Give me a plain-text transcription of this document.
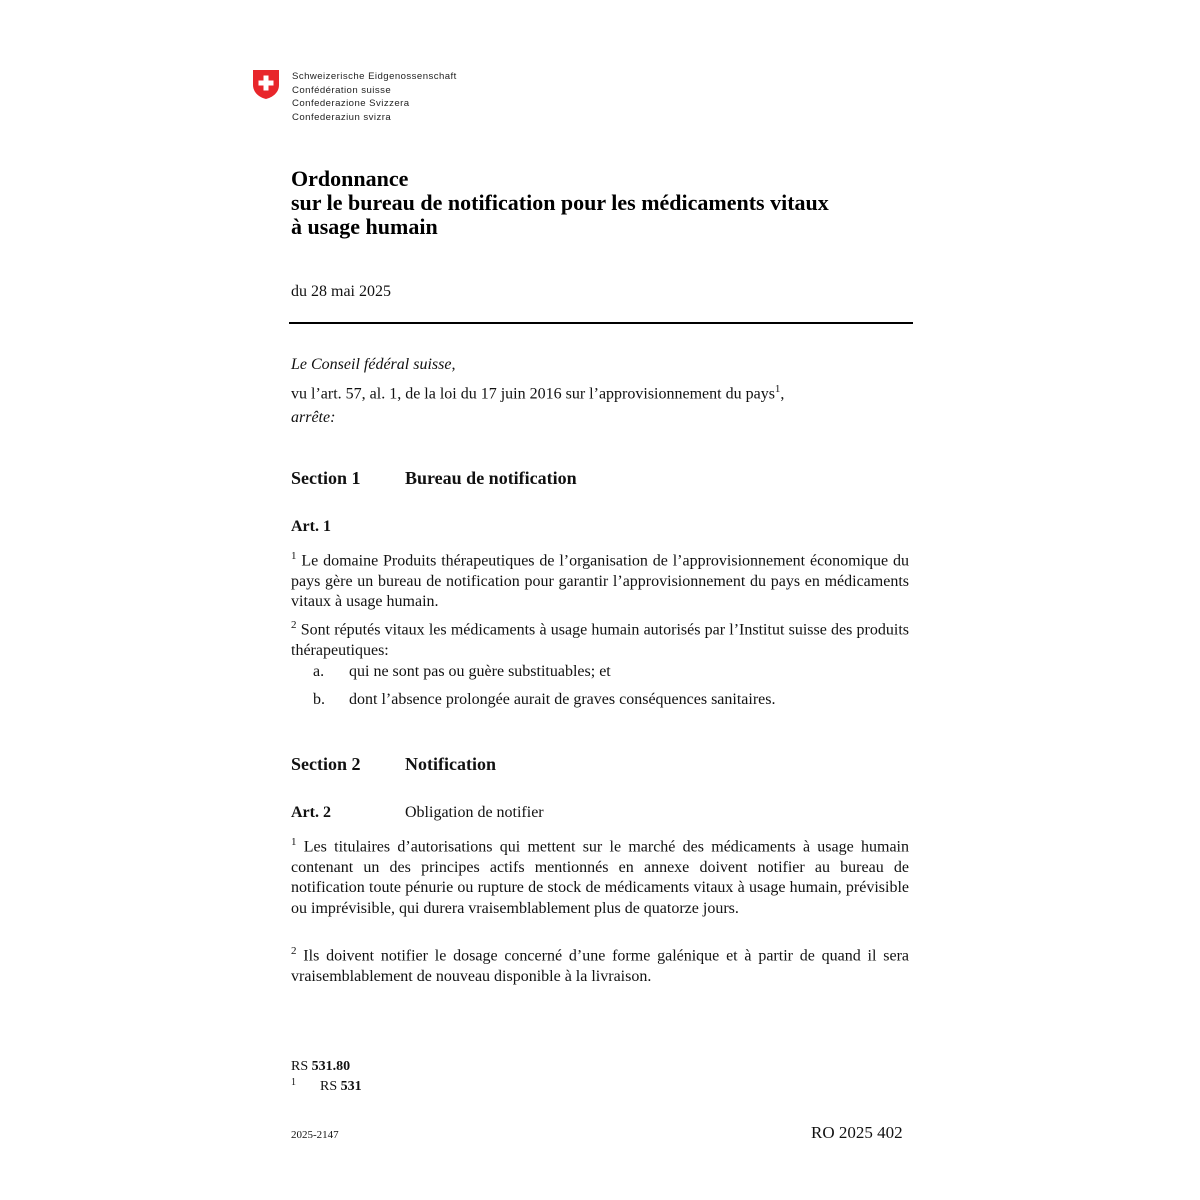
Schweizerische Eidgenossenschaft
Confédération suisse
Confederazione Svizzera
Confederaziun svizra
Ordonnance
sur le bureau de notification pour les médicaments vitaux
à usage humain
du 28 mai 2025
Le Conseil fédéral suisse,
vu l’art. 57, al. 1, de la loi du 17 juin 2016 sur l’approvisionnement du pays$^1$,
arrête:
Section 1 Bureau de notification
Art. 1
$^1$ Le domaine Produits thérapeutiques de l’organisation de l’approvisionnement économique du pays gère un bureau de notification pour garantir l’approvisionnement du pays en médicaments vitaux à usage humain.
$^2$ Sont réputés vitaux les médicaments à usage humain autorisés par l’Institut suisse des produits thérapeutiques:
a. qui ne sont pas ou guère substituables; et
b. dont l’absence prolongée aurait de graves conséquences sanitaires.
Section 2 Notification
Art. 2	Obligation de notifier
$^1$ Les titulaires d’autorisations qui mettent sur le marché des médicaments à usage humain contenant un des principes actifs mentionnés en annexe doivent notifier au bureau de notification toute pénurie ou rupture de stock de médicaments vitaux à usage humain, prévisible ou imprévisible, qui durera vraisemblablement plus de quatorze jours.
$^2$ Ils doivent notifier le dosage concerné d’une forme galénique et à partir de quand il sera vraisemblablement de nouveau disponible à la livraison.
RS 531.80
$^1$ RS 531
2025-2147	RO 2025 402
